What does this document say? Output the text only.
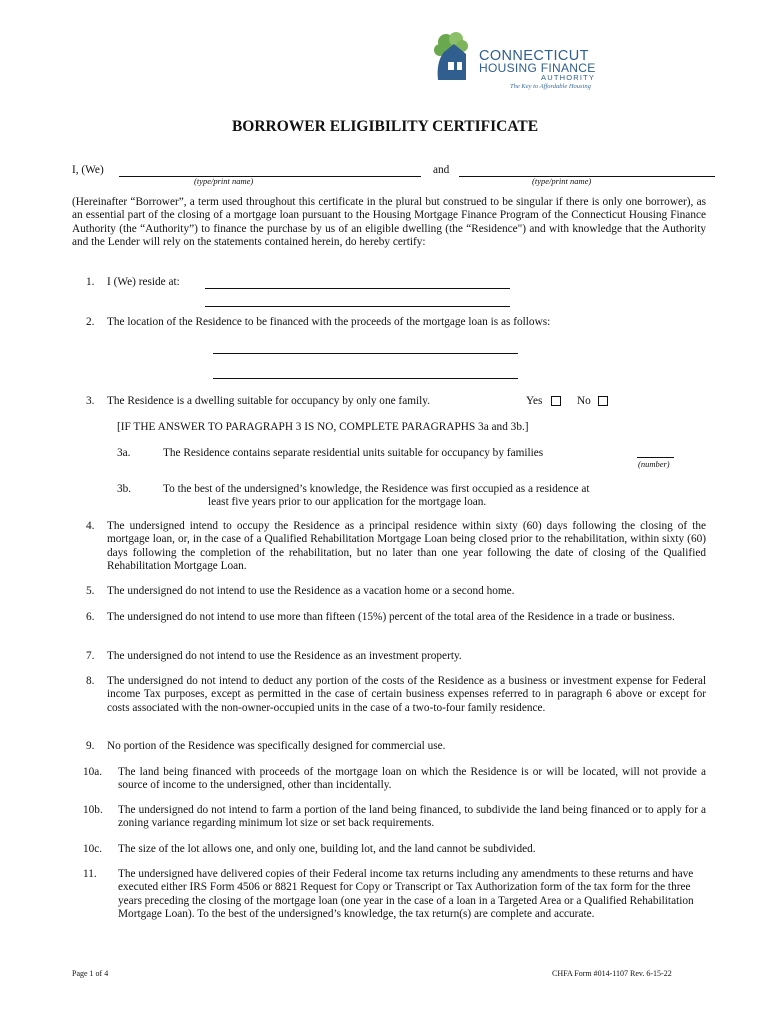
CONNECTICUT
HOUSING FINANCE
AUTHORITY
The Key to Affordable Housing
BORROWER ELIGIBILITY CERTIFICATE
I, (We)
(type/print name)
and
(type/print name)
(Hereinafter “Borrower”, a term used throughout this certificate in the plural but construed to be singular if there is only one borrower), as an essential part of the closing of a mortgage loan pursuant to the Housing Mortgage Finance Program of the Connecticut Housing Finance Authority (the “Authority”) to finance the purchase by us of an eligible dwelling (the “Residence") and with knowledge that the Authority and the Lender will rely on the statements contained herein, do hereby certify:
1. I (We) reside at:
2. The location of the Residence to be financed with the proceeds of the mortgage loan is as follows:
3. The Residence is a dwelling suitable for occupancy by only one family.	Yes	No
[IF THE ANSWER TO PARAGRAPH 3 IS NO, COMPLETE PARAGRAPHS 3a and 3b.]
3a.	The Residence contains separate residential units suitable for occupancy by families
(number)
3b.	To the best of the undersigned’s knowledge, the Residence was first occupied as a residence at
least five years prior to our application for the mortgage loan.
4. The undersigned intend to occupy the Residence as a principal residence within sixty (60) days following the closing of the mortgage loan, or, in the case of a Qualified Rehabilitation Mortgage Loan being closed prior to the rehabilitation, within sixty (60) days following the completion of the rehabilitation, but no later than one year following the date of closing of the Qualified Rehabilitation Mortgage Loan.
5. The undersigned do not intend to use the Residence as a vacation home or a second home.
6. The undersigned do not intend to use more than fifteen (15%) percent of the total area of the Residence in a trade or business.
7. The undersigned do not intend to use the Residence as an investment property.
8. The undersigned do not intend to deduct any portion of the costs of the Residence as a business or investment expense for Federal income Tax purposes, except as permitted in the case of certain business expenses referred to in paragraph 6 above or except for costs associated with the non-owner-occupied units in the case of a two-to-four family residence.
9. No portion of the Residence was specifically designed for commercial use.
10a. The land being financed with proceeds of the mortgage loan on which the Residence is or will be located, will not provide a source of income to the undersigned, other than incidentally.
10b. The undersigned do not intend to farm a portion of the land being financed, to subdivide the land being financed or to apply for a zoning variance regarding minimum lot size or set back requirements.
10c. The size of the lot allows one, and only one, building lot, and the land cannot be subdivided.
11. The undersigned have delivered copies of their Federal income tax returns including any amendments to these returns and have executed either IRS Form 4506 or 8821 Request for Copy or Transcript or Tax Authorization form of the tax form for the three years preceding the closing of the mortgage loan (one year in the case of a loan in a Targeted Area or a Qualified Rehabilitation Mortgage Loan). To the best of the undersigned’s knowledge, the tax return(s) are complete and accurate.
Page 1 of 4	CHFA Form #014-1107 Rev. 6-15-22
